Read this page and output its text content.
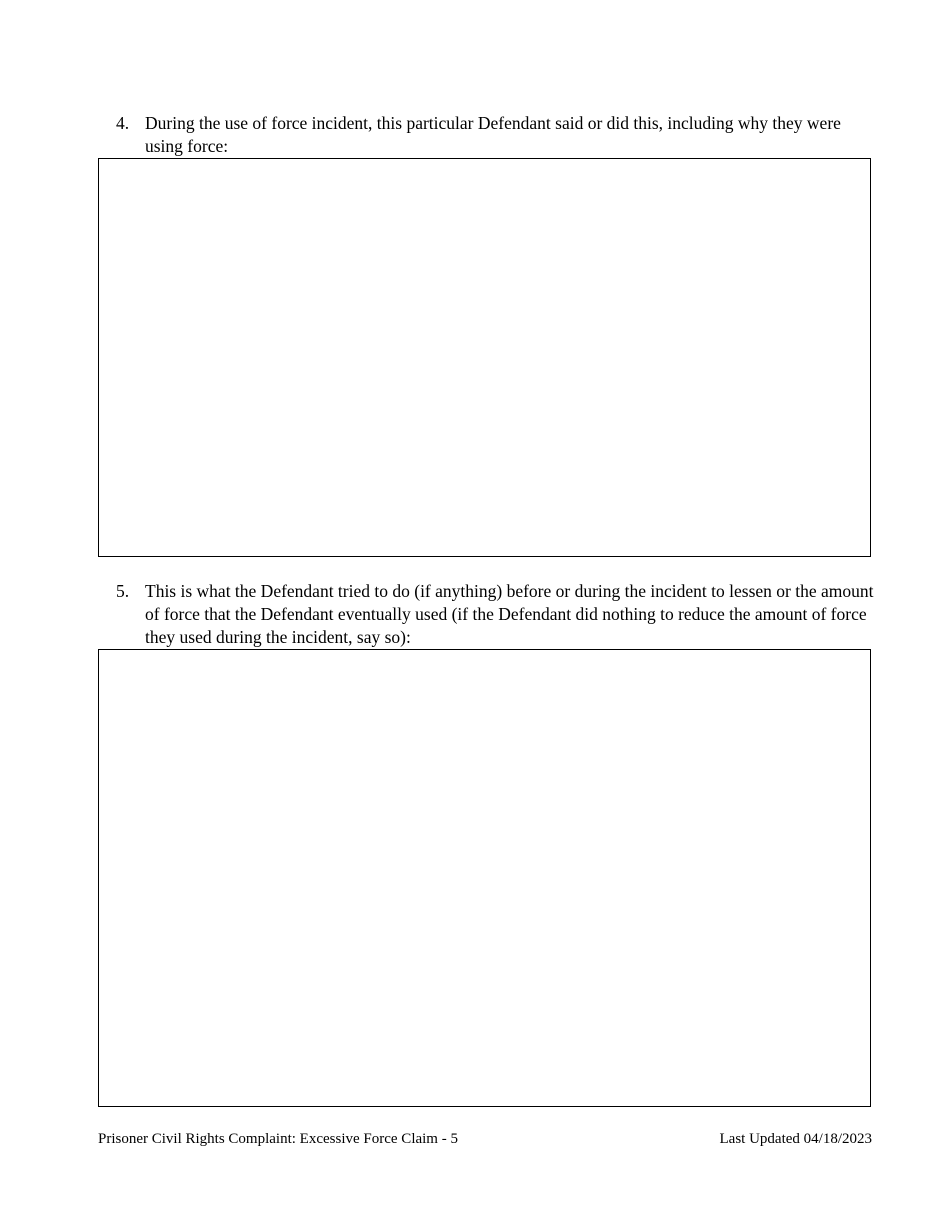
4. During the use of force incident, this particular Defendant said or did this, including why they were using force:
5. This is what the Defendant tried to do (if anything) before or during the incident to lessen or the amount of force that the Defendant eventually used (if the Defendant did nothing to reduce the amount of force they used during the incident, say so):
Prisoner Civil Rights Complaint: Excessive Force Claim - 5	Last Updated 04/18/2023
